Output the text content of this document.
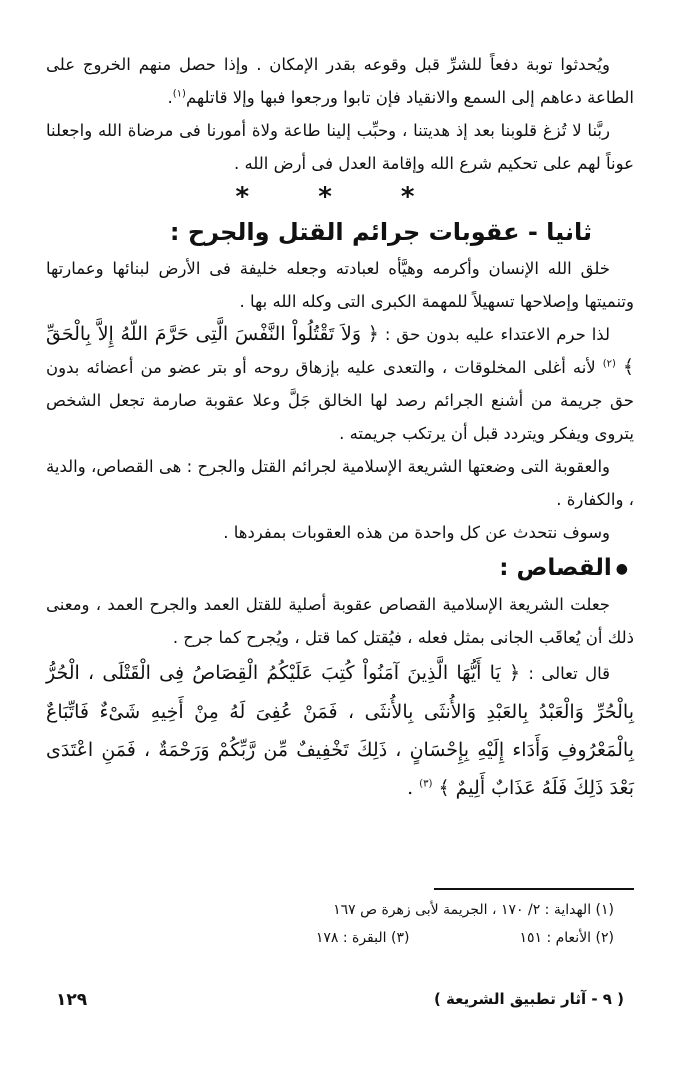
ويُحدثوا توبة دفعاً للشرِّ قبل وقوعه بقدر الإمكان . وإذا حصل منهم الخروج على الطاعة دعاهم إلى السمع والانقياد فإن تابوا ورجعوا فبها وإلا قاتلهم$^{(١)}$.

ربَّنا لا تُزغ قلوبنا بعد إذ هديتنا ، وحبِّب إلينا طاعة ولاة أمورنا فى مرضاة الله واجعلنا عوناً لهم على تحكيم شرع الله وإقامة العدل فى أرض الله .

* * *
ثانيا - عقوبات جرائم القتل والجرح :

خلق الله الإنسان وأكرمه وهيَّأه لعبادته وجعله خليفة فى الأرض لبنائها وعمارتها وتنميتها وإصلاحها تسهيلاً للمهمة الكبرى التى وكله الله بها .

لذا حرم الاعتداء عليه بدون حق : ﴿ وَلاَ تَقْتُلُواْ النَّفْسَ الَّتِى حَرَّمَ اللّهُ إِلاَّ بِالْحَقِّ ﴾ $^{(٢)}$ لأنه أغلى المخلوقات ، والتعدى عليه بإزهاق روحه أو بتر عضو من أعضائه بدون حق جريمة من أشنع الجرائم رصد لها الخالق جَلَّ وعلا عقوبة صارمة تجعل الشخص يتروى ويفكر ويتردد قبل أن يرتكب جريمته .

والعقوبة التى وضعتها الشريعة الإسلامية لجرائم القتل والجرح : هى القصاص، والدية ، والكفارة .

وسوف نتحدث عن كل واحدة من هذه العقوبات بمفردها .

●القصاص :

جعلت الشريعة الإسلامية القصاص عقوبة أصلية للقتل العمد والجرح العمد ، ومعنى ذلك أن يُعاقَب الجانى بمثل فعله ، فيُقتل كما قتل ، ويُجرح كما جرح .

قال تعالى : ﴿ يَا أَيُّهَا الَّذِينَ آمَنُواْ كُتِبَ عَلَيْكُمُ الْقِصَاصُ فِى الْقَتْلَى ، الْحُرُّ بِالْحُرِّ وَالْعَبْدُ بِالعَبْدِ وَالأُنثَى بِالأُنثَى ، فَمَنْ عُفِىَ لَهُ مِنْ أَخِيهِ شَىْءٌ فَاتِّبَاعٌ بِالْمَعْرُوفِ وَأَدَاء إِلَيْهِ بِإِحْسَانٍ ، ذَلِكَ تَخْفِيفٌ مِّن رَّبِّكُمْ وَرَحْمَةٌ ، فَمَنِ اعْتَدَى بَعْدَ ذَلِكَ فَلَهُ عَذَابٌ أَلِيمٌ ﴾ $^{(٣)}$ .

(١) الهداية : ٢/ ١٧٠ ، الجريمة لأبى زهرة ص ١٦٧
(٢) الأنعام : ١٥١(٣) البقرة : ١٧٨
( ٩ - آثار تطبيق الشريعة )
١٢٩
